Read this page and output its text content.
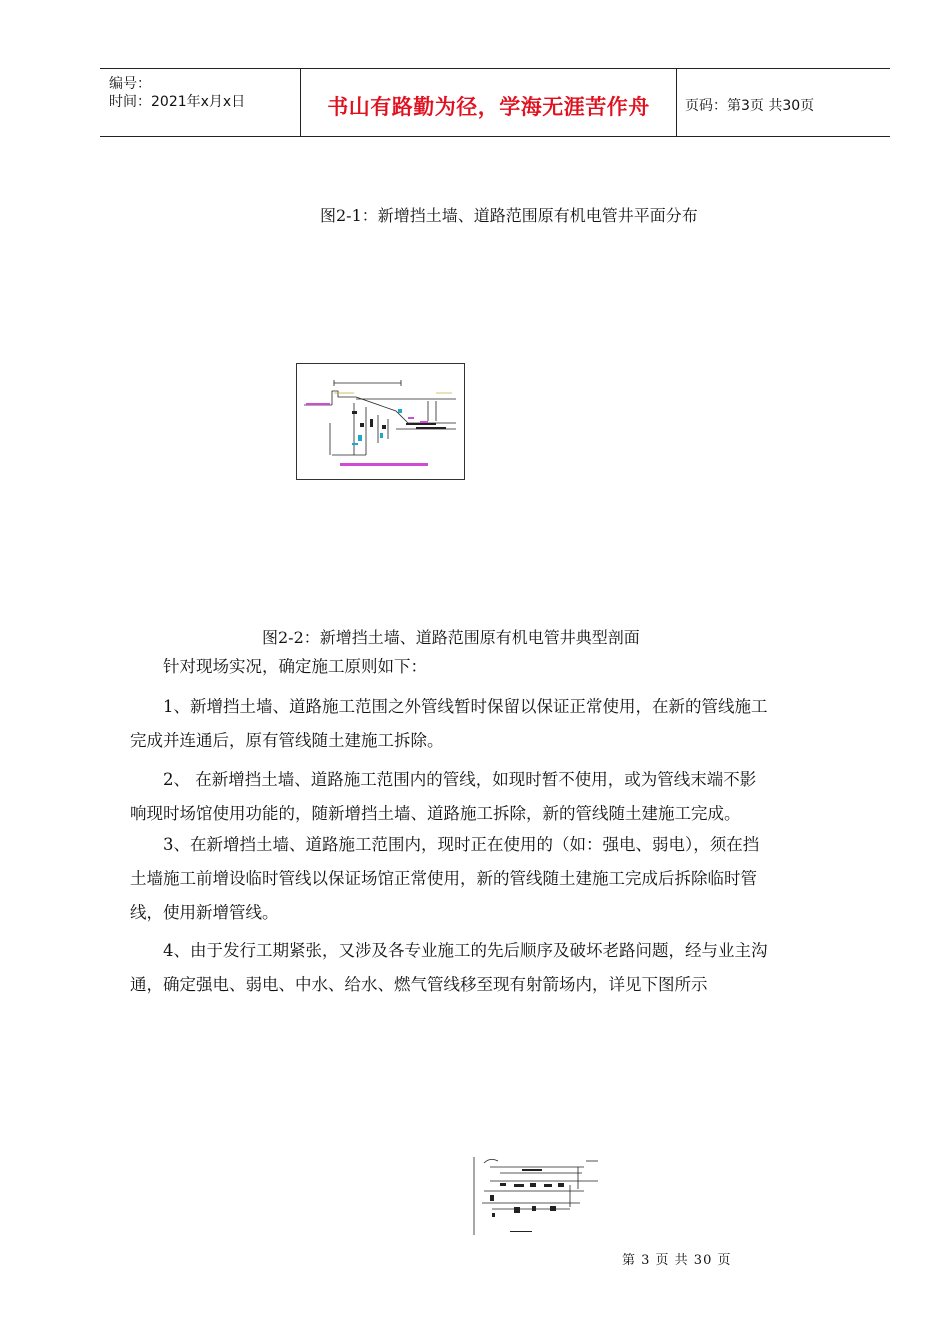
编号：
时间：2021年x月x日	书山有路勤为径，学海无涯苦作舟	页码：第3页 共30页
图2-1：新增挡土墙、道路范围原有机电管井平面分布
图2-2：新增挡土墙、道路范围原有机电管井典型剖面
针对现场实况，确定施工原则如下：
1、新增挡土墙、道路施工范围之外管线暂时保留以保证正常使用，在新的管线施工
完成并连通后，原有管线随土建施工拆除。
2、 在新增挡土墙、道路施工范围内的管线，如现时暂不使用，或为管线末端不影
响现时场馆使用功能的，随新增挡土墙、道路施工拆除，新的管线随土建施工完成。
3、在新增挡土墙、道路施工范围内，现时正在使用的（如：强电、弱电），须在挡
土墙施工前增设临时管线以保证场馆正常使用，新的管线随土建施工完成后拆除临时管
线，使用新增管线。
4、由于发行工期紧张，又涉及各专业施工的先后顺序及破坏老路问题，经与业主沟
通，确定强电、弱电、中水、给水、燃气管线移至现有射箭场内，详见下图所示
第 3 页 共 30 页
